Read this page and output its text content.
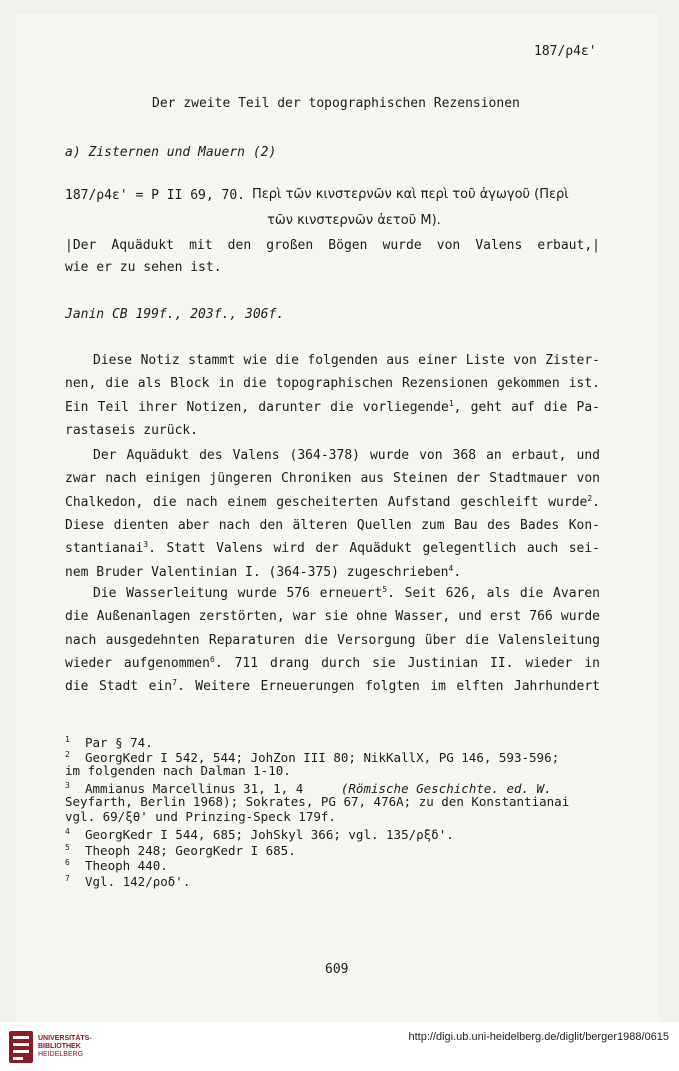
187/ρ4ε'
Der zweite Teil der topographischen Rezensionen
a) Zisternen und Mauern (2)
187/ρ4ε' = P II 69, 70. Περὶ τῶν κινστερνῶν καὶ περὶ τοῦ ἀγωγοῦ (Περὶ
τῶν κινστερνῶν ἀετοῦ Μ).
|Der Aquädukt mit den großen Bögen wurde von Valens erbaut,|
wie er zu sehen ist.
Janin CB 199f., 203f., 306f.
Diese Notiz stammt wie die folgenden aus einer Liste von Zister-
nen, die als Block in die topographischen Rezensionen gekommen ist.
Ein Teil ihrer Notizen, darunter die vorliegende$^1$, geht auf die Pa-
rastaseis zurück.
Der Aquädukt des Valens (364-378) wurde von 368 an erbaut, und
zwar nach einigen jüngeren Chroniken aus Steinen der Stadtmauer von
Chalkedon, die nach einem gescheiterten Aufstand geschleift wurde$^2$.
Diese dienten aber nach den älteren Quellen zum Bau des Bades Kon-
stantianai$^3$. Statt Valens wird der Aquädukt gelegentlich auch sei-
nem Bruder Valentinian I. (364-375) zugeschrieben$^4$.
Die Wasserleitung wurde 576 erneuert$^5$. Seit 626, als die Avaren
die Außenanlagen zerstörten, war sie ohne Wasser, und erst 766 wurde
nach ausgedehnten Reparaturen die Versorgung über die Valensleitung
wieder aufgenommen$^6$. 711 drang durch sie Justinian II. wieder in
die Stadt ein$^7$. Weitere Erneuerungen folgten im elften Jahrhundert
1 Par § 74.
2 GeorgKedr I 542, 544; JohZon III 80; NikKallX, PG 146, 593-596;
im folgenden nach Dalman 1-10.
3 Ammianus Marcellinus 31, 1, 4     (Römische Geschichte. ed. W.
Seyfarth, Berlin 1968); Sokrates, PG 67, 476A; zu den Konstantianai
vgl. 69/ξθ' und Prinzing-Speck 179f.
4 GeorgKedr I 544, 685; JohSkyl 366; vgl. 135/ρξδ'.
5 Theoph 248; GeorgKedr I 685.
6 Theoph 440.
7 Vgl. 142/ροδ'.
609
UNIVERSITÄTS-
BIBLIOTHEK
HEIDELBERG
http://digi.ub.uni-heidelberg.de/diglit/berger1988/0615
